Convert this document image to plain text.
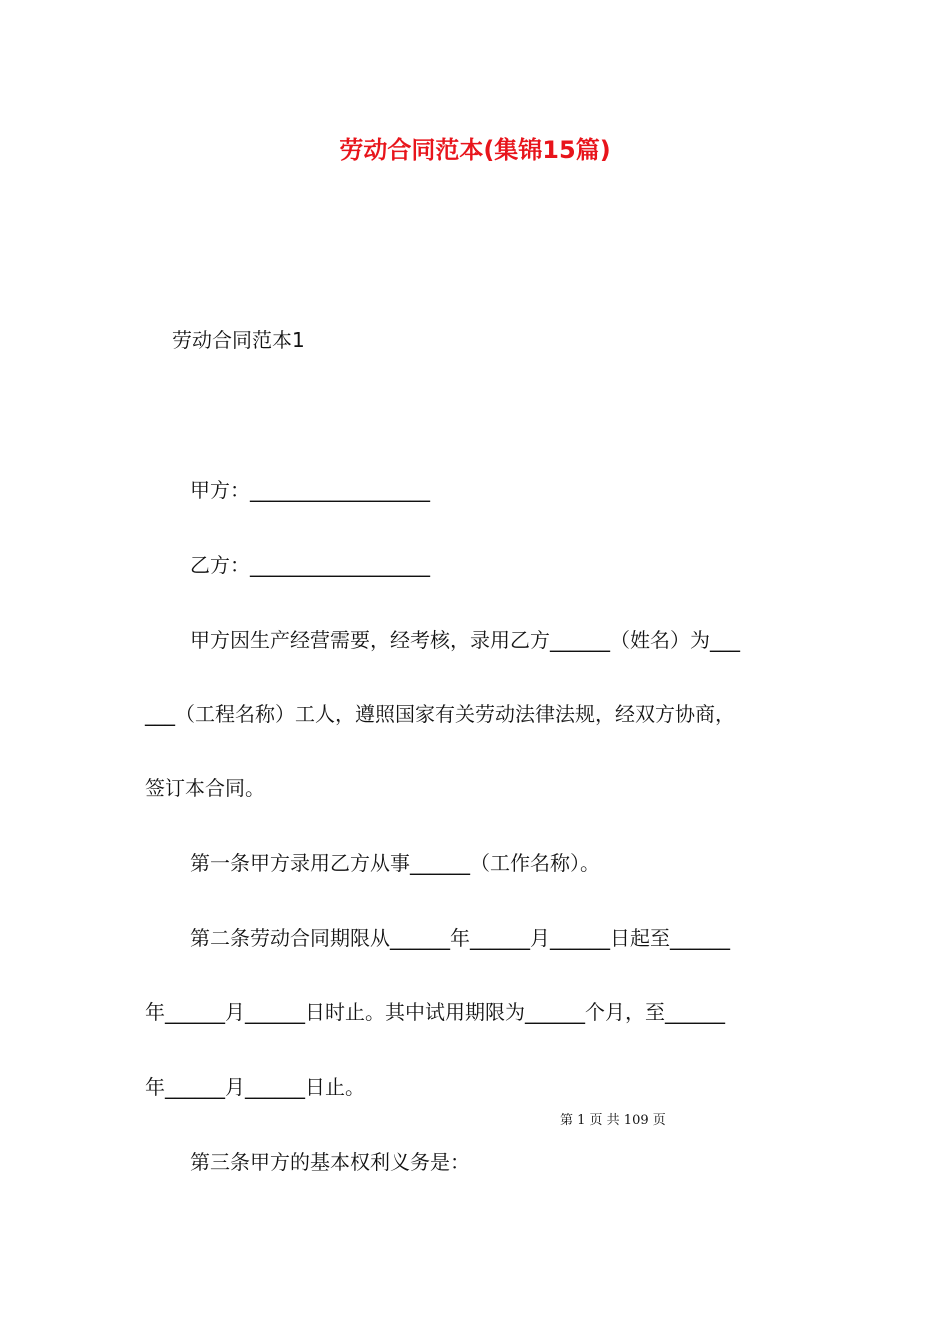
劳动合同范本(集锦15篇)
劳动合同范本1
甲方：__________________
乙方：__________________
甲方因生产经营需要，经考核，录用乙方______（姓名）为___
___（工程名称）工人，遵照国家有关劳动法律法规，经双方协商，
签订本合同。
第一条甲方录用乙方从事______（工作名称）。
第二条劳动合同期限从______年______月______日起至______
年______月______日时止。其中试用期限为______个月，至______
年______月______日止。
第 1 页 共 109 页
第三条甲方的基本权利义务是：
